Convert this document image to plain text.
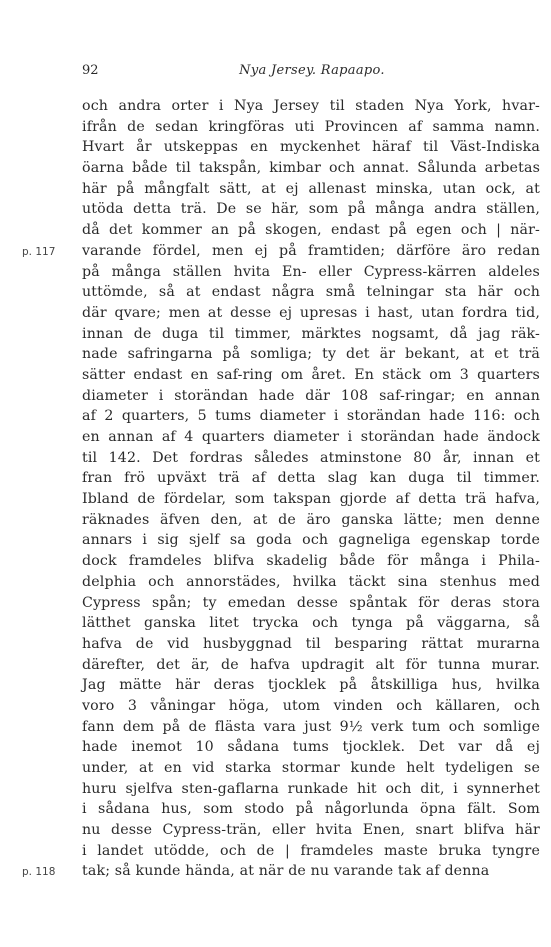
92	Nya Jersey. Rapaapo.
p. 117
p. 118
och andra orter i Nya Jersey til staden Nya York, hvar-
ifrån de sedan kringföras uti Provincen af samma namn.
Hvart år utskeppas en myckenhet häraf til Väst-Indiska
öarna både til takspån, kimbar och annat. Sålunda arbetas
här på mångfalt sätt, at ej allenast minska, utan ock, at
utöda detta trä. De se här, som på många andra ställen,
då det kommer an på skogen, endast på egen och | när-
varande fördel, men ej på framtiden; därföre äro redan
på många ställen hvita En- eller Cypress-kärren aldeles
uttömde, så at endast några små telningar sta här och
där qvare; men at desse ej upresas i hast, utan fordra tid,
innan de duga til timmer, märktes nogsamt, då jag räk-
nade safringarna på somliga; ty det är bekant, at et trä
sätter endast en saf-ring om året. En stäck om 3 quarters
diameter i storändan hade där 108 saf-ringar; en annan
af 2 quarters, 5 tums diameter i storändan hade 116: och
en annan af 4 quarters diameter i storändan hade ändock
til 142. Det fordras således atminstone 80 år, innan et
fran frö upväxt trä af detta slag kan duga til timmer.
Ibland de fördelar, som takspan gjorde af detta trä hafva,
räknades äfven den, at de äro ganska lätte; men denne
annars i sig sjelf sa goda och gagneliga egenskap torde
dock framdeles blifva skadelig både för många i Phila-
delphia och annorstädes, hvilka täckt sina stenhus med
Cypress spån; ty emedan desse spåntak för deras stora
lätthet ganska litet trycka och tynga på väggarna, så
hafva de vid husbyggnad til besparing rättat murarna
därefter, det är, de hafva updragit alt för tunna murar.
Jag mätte här deras tjocklek på åtskilliga hus, hvilka
voro 3 våningar höga, utom vinden och källaren, och
fann dem på de flästa vara just 9½ verk tum och somlige
hade inemot 10 sådana tums tjocklek. Det var då ej
under, at en vid starka stormar kunde helt tydeligen se
huru sjelfva sten-gaflarna runkade hit och dit, i synnerhet
i sådana hus, som stodo på någorlunda öpna fält. Som
nu desse Cypress-trän, eller hvita Enen, snart blifva här
i landet utödde, och de | framdeles maste bruka tyngre
tak; så kunde hända, at när de nu varande tak af denna
